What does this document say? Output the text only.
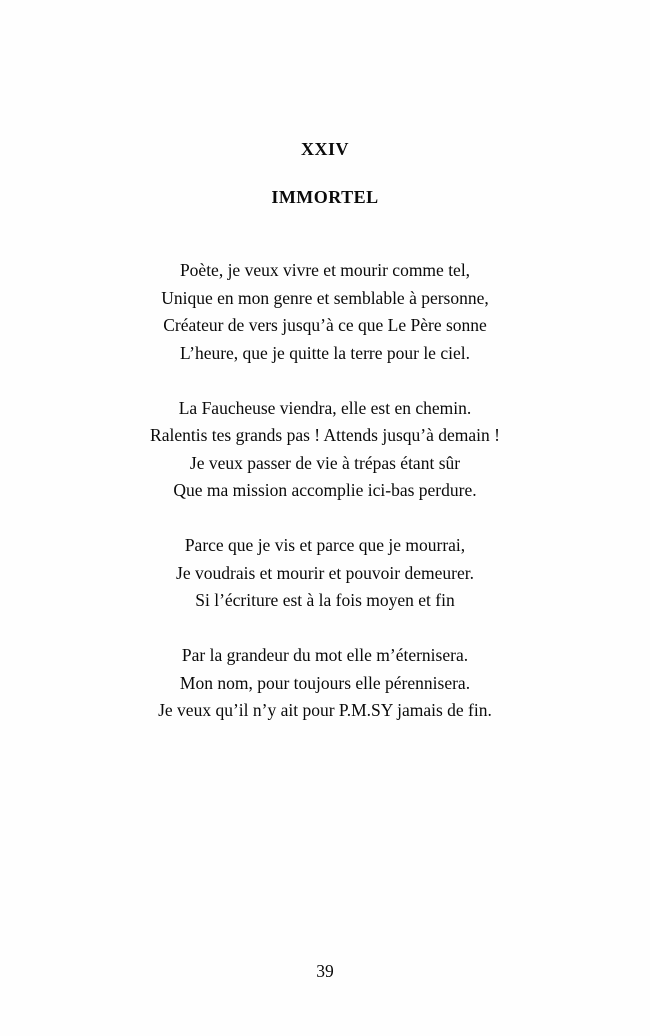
XXIV
IMMORTEL

Poète, je veux vivre et mourir comme tel,

Unique en mon genre et semblable à personne,

Créateur de vers jusqu’à ce que Le Père sonne

L’heure, que je quitte la terre pour le ciel.

La Faucheuse viendra, elle est en chemin.

Ralentis tes grands pas ! Attends jusqu’à demain !

Je veux passer de vie à trépas étant sûr

Que ma mission accomplie ici-bas perdure.

Parce que je vis et parce que je mourrai,

Je voudrais et mourir et pouvoir demeurer.

Si l’écriture est à la fois moyen et fin

Par la grandeur du mot elle m’éternisera.

Mon nom, pour toujours elle pérennisera.

Je veux qu’il n’y ait pour P.M.SY jamais de fin.

39
